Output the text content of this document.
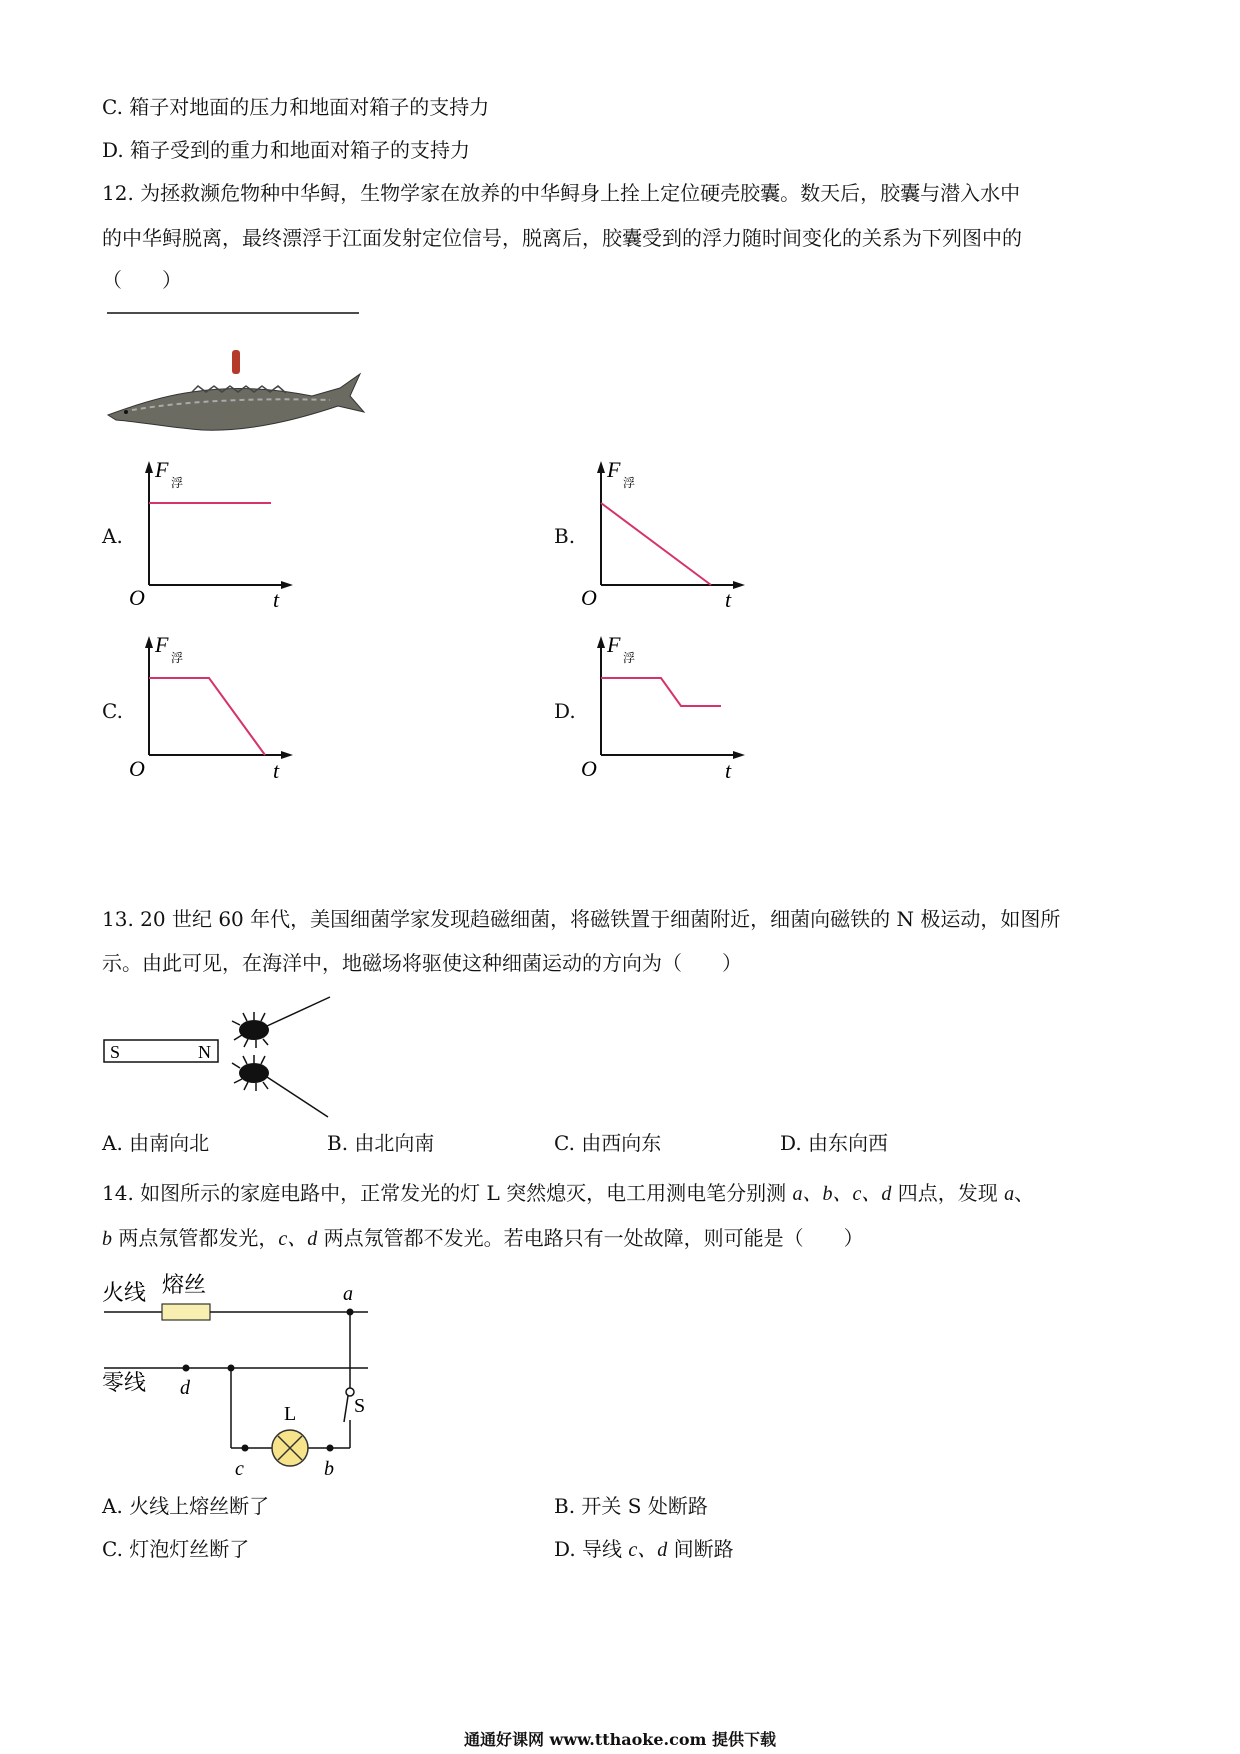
C. 箱子对地面的压力和地面对箱子的支持力
D. 箱子受到的重力和地面对箱子的支持力
12. 为拯救濒危物种中华鲟，生物学家在放养的中华鲟身上拴上定位硬壳胶囊。数天后，胶囊与潜入水中
的中华鲟脱离，最终漂浮于江面发射定位信号，脱离后，胶囊受到的浮力随时间变化的关系为下列图中的
（　　）
A.	B.
C.	D.
F
浮
O	t
F
浮
O	t
F
浮
O	t
F
浮
O	t
13. 20 世纪 60 年代，美国细菌学家发现趋磁细菌，将磁铁置于细菌附近，细菌向磁铁的 N 极运动，如图所
示。由此可见，在海洋中，地磁场将驱使这种细菌运动的方向为（　　）
S	N
A. 由南向北	B. 由北向南	C. 由西向东	D. 由东向西
14. 如图所示的家庭电路中，正常发光的灯 L 突然熄灭，电工用测电笔分别测 a、b、c、d 四点，发现 a、
b 两点氖管都发光，c、d 两点氖管都不发光。若电路只有一处故障，则可能是（　　）
火线 熔丝
零线
a
d
S
L
c	b
A. 火线上熔丝断了	B. 开关 S 处断路
C. 灯泡灯丝断了	D. 导线 c、d 间断路
通通好课网 www.tthaoke.com 提供下载
